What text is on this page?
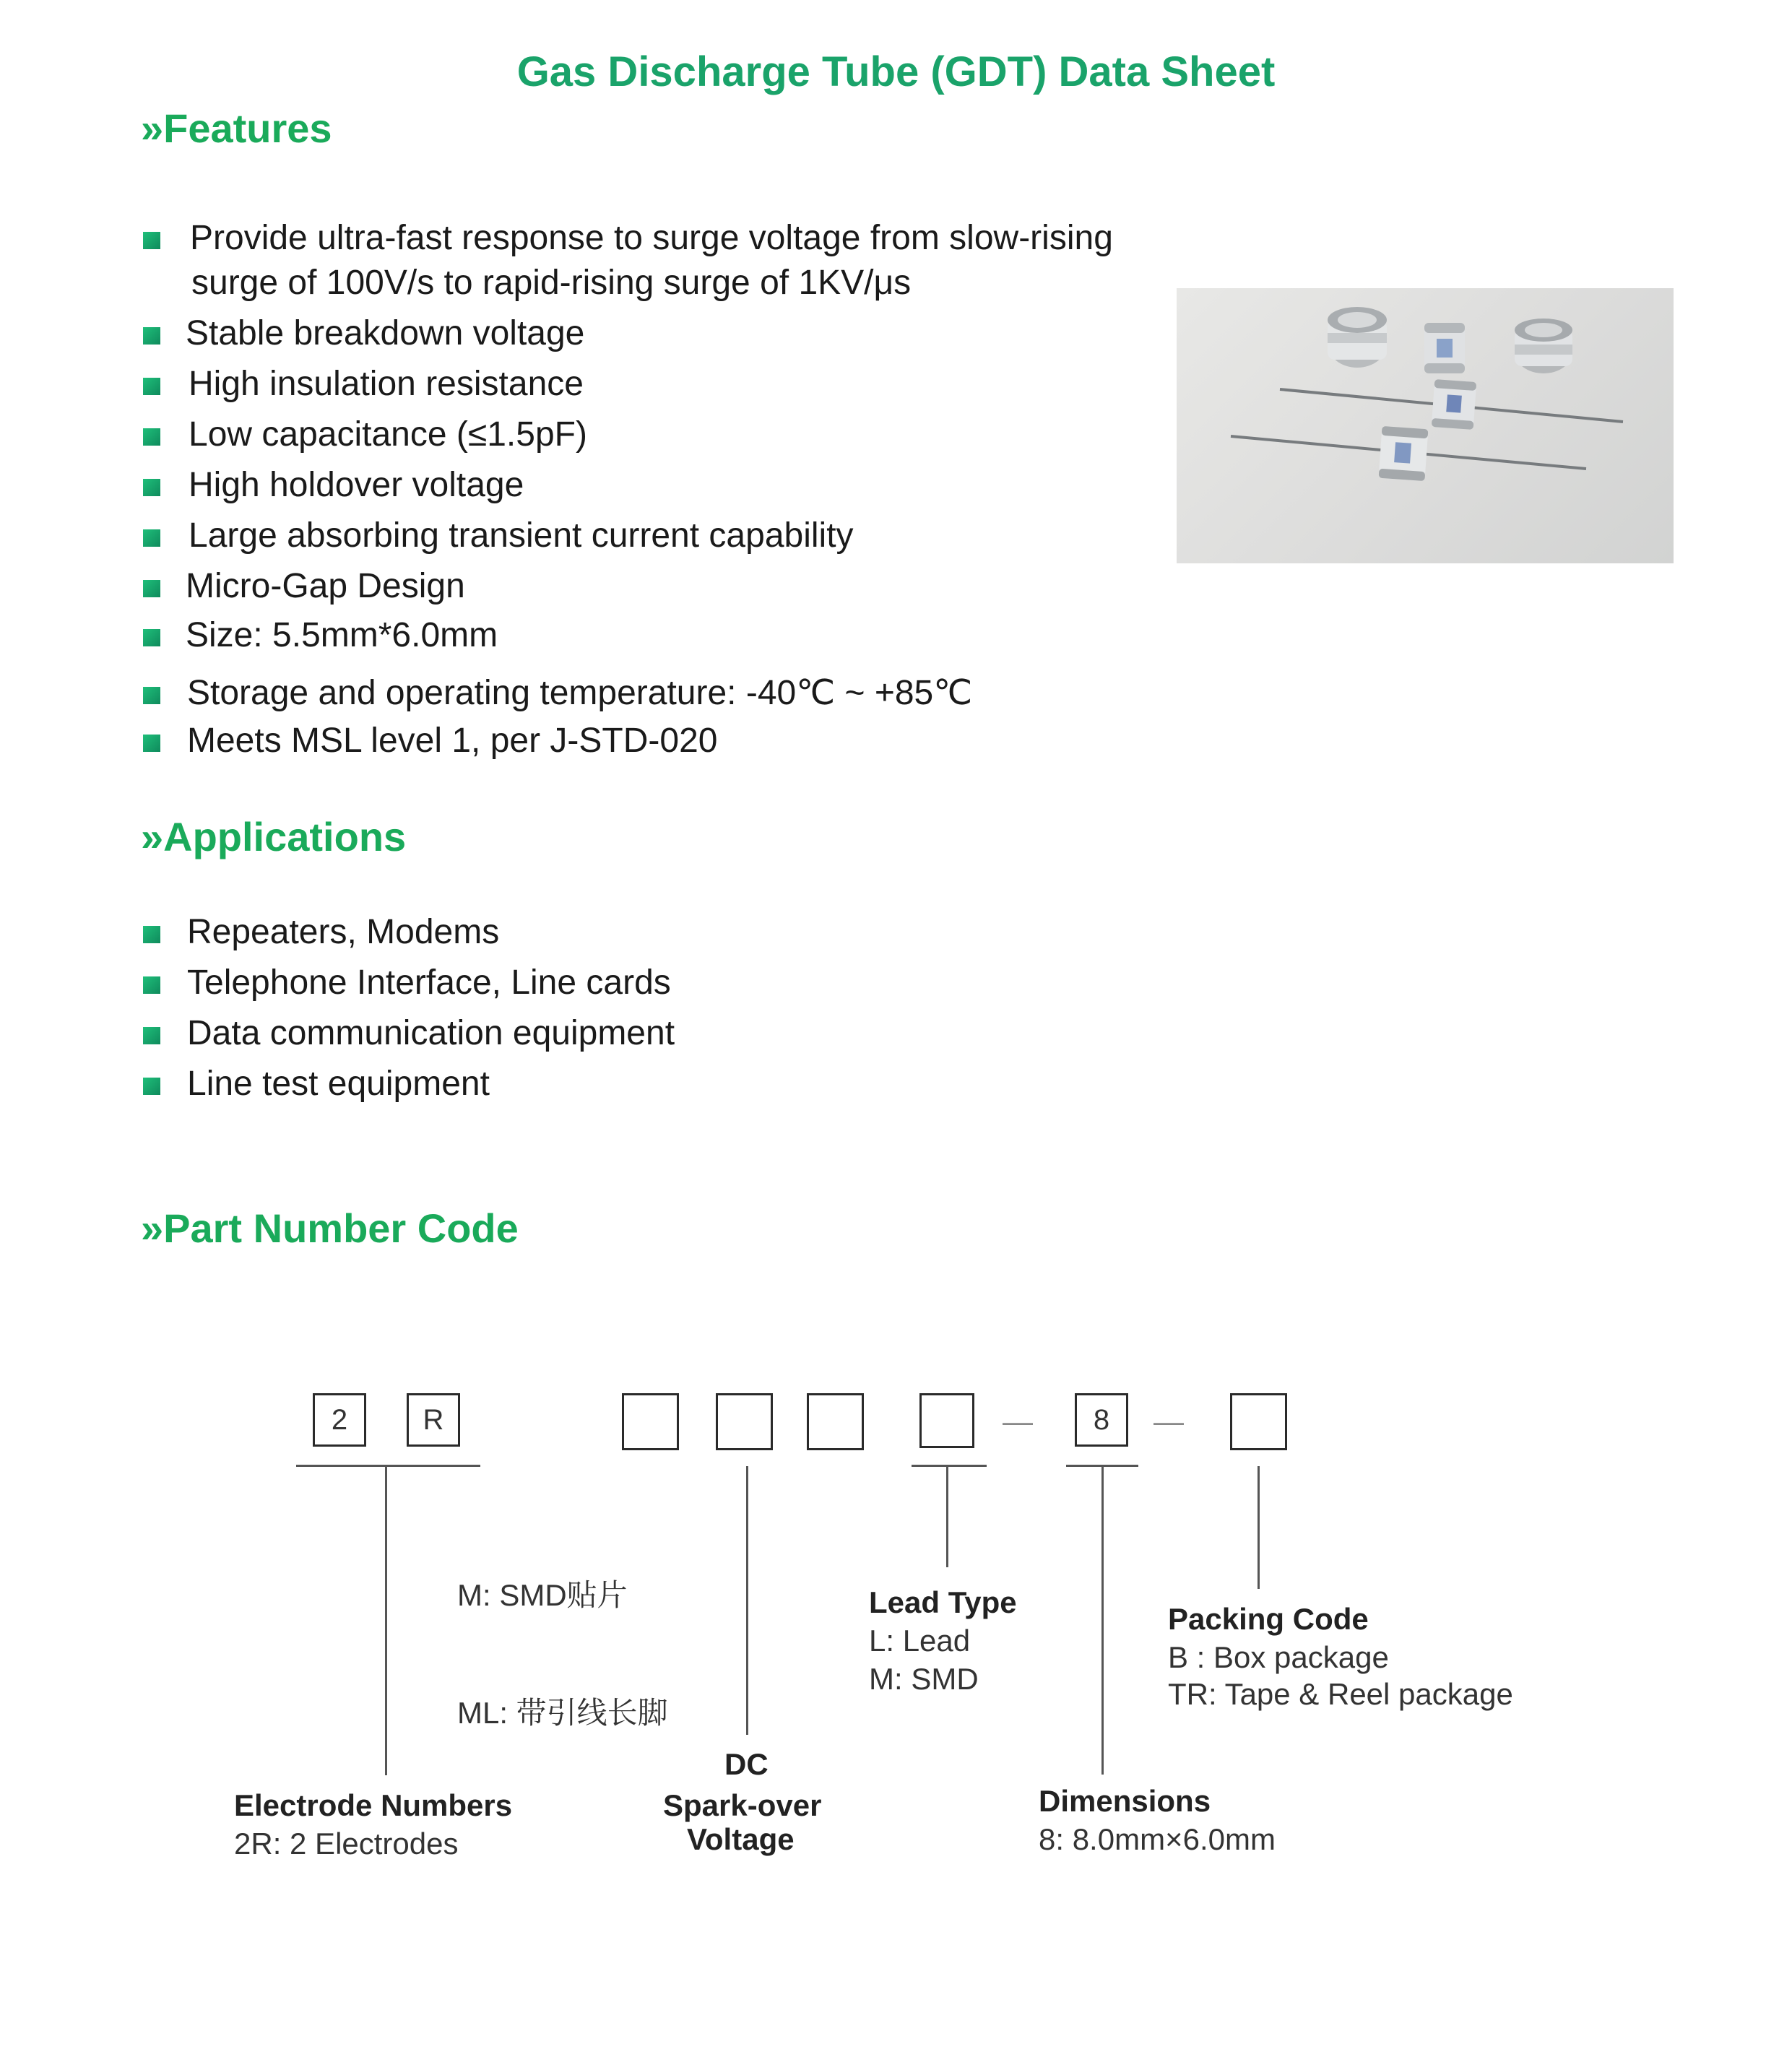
Gas Discharge Tube (GDT) Data Sheet
»Features
Provide ultra-fast response to surge voltage from slow-rising
surge of 100V/s to rapid-rising surge of 1KV/μs
Stable breakdown voltage
High insulation resistance
Low capacitance (≤1.5pF)
High holdover voltage
Large absorbing transient current capability
Micro-Gap Design
Size: 5.5mm*6.0mm
Storage and operating temperature: -40℃ ~ +85℃
Meets MSL level 1, per J-STD-020
»Applications
Repeaters, Modems
Telephone Interface, Line cards
Data communication equipment
Line test equipment
»Part Number Code
2	R	8
—	—
M: SMD贴片
ML: 带引线长脚
Electrode Numbers
2R: 2 Electrodes
DC
Spark-over
Voltage
Lead Type
L: Lead
M: SMD
Dimensions
8: 8.0mm×6.0mm
Packing Code
B : Box package
TR: Tape & Reel package
